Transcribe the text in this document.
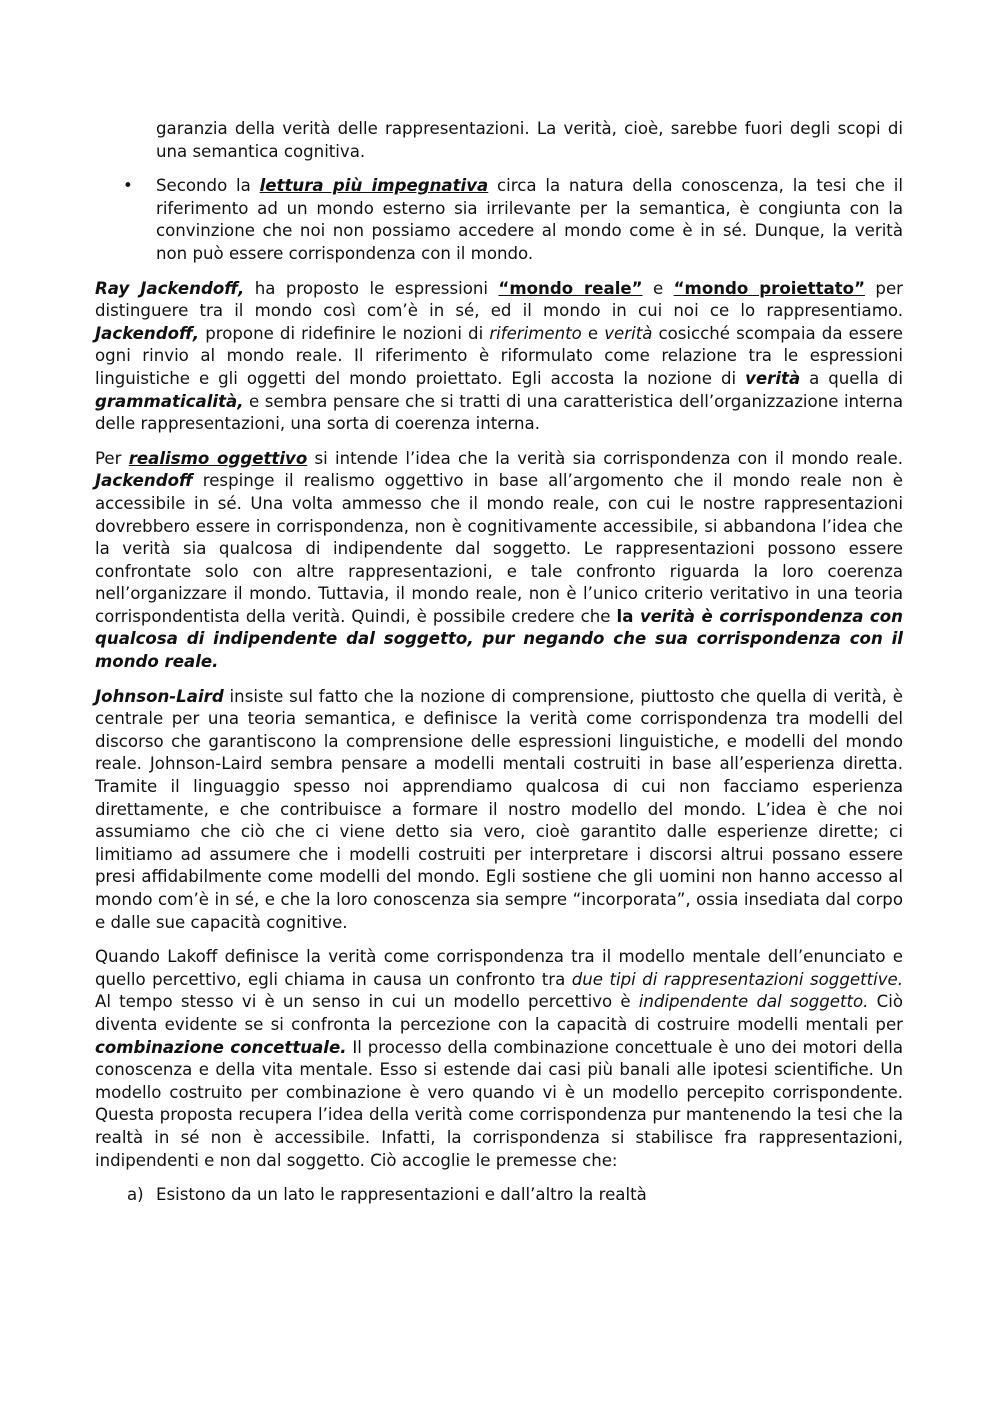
garanzia della verità delle rappresentazioni. La verità, cioè, sarebbe fuori degli scopi di una semantica cognitiva.

• Secondo la lettura più impegnativa circa la natura della conoscenza, la tesi che il riferimento ad un mondo esterno sia irrilevante per la semantica, è congiunta con la convinzione che noi non possiamo accedere al mondo come è in sé. Dunque, la verità non può essere corrispondenza con il mondo.

Ray Jackendoff, ha proposto le espressioni “mondo reale” e “mondo proiettato” per distinguere tra il mondo così com’è in sé, ed il mondo in cui noi ce lo rappresentiamo. Jackendoff, propone di ridefinire le nozioni di riferimento e verità cosicché scompaia da essere ogni rinvio al mondo reale. Il riferimento è riformulato come relazione tra le espressioni linguistiche e gli oggetti del mondo proiettato. Egli accosta la nozione di verità a quella di grammaticalità, e sembra pensare che si tratti di una caratteristica dell’organizzazione interna delle rappresentazioni, una sorta di coerenza interna.

Per realismo oggettivo si intende l’idea che la verità sia corrispondenza con il mondo reale. Jackendoff respinge il realismo oggettivo in base all’argomento che il mondo reale non è accessibile in sé. Una volta ammesso che il mondo reale, con cui le nostre rappresentazioni dovrebbero essere in corrispondenza, non è cognitivamente accessibile, si abbandona l’idea che la verità sia qualcosa di indipendente dal soggetto. Le rappresentazioni possono essere confrontate solo con altre rappresentazioni, e tale confronto riguarda la loro coerenza nell’organizzare il mondo. Tuttavia, il mondo reale, non è l’unico criterio veritativo in una teoria corrispondentista della verità. Quindi, è possibile credere che la verità è corrispondenza con qualcosa di indipendente dal soggetto, pur negando che sua corrispondenza con il mondo reale.

Johnson-Laird insiste sul fatto che la nozione di comprensione, piuttosto che quella di verità, è centrale per una teoria semantica, e definisce la verità come corrispondenza tra modelli del discorso che garantiscono la comprensione delle espressioni linguistiche, e modelli del mondo reale. Johnson-Laird sembra pensare a modelli mentali costruiti in base all’esperienza diretta. Tramite il linguaggio spesso noi apprendiamo qualcosa di cui non facciamo esperienza direttamente, e che contribuisce a formare il nostro modello del mondo. L’idea è che noi assumiamo che ciò che ci viene detto sia vero, cioè garantito dalle esperienze dirette; ci limitiamo ad assumere che i modelli costruiti per interpretare i discorsi altrui possano essere presi affidabilmente come modelli del mondo. Egli sostiene che gli uomini non hanno accesso al mondo com’è in sé, e che la loro conoscenza sia sempre “incorporata”, ossia insediata dal corpo e dalle sue capacità cognitive.

Quando Lakoff definisce la verità come corrispondenza tra il modello mentale dell’enunciato e quello percettivo, egli chiama in causa un confronto tra due tipi di rappresentazioni soggettive. Al tempo stesso vi è un senso in cui un modello percettivo è indipendente dal soggetto. Ciò diventa evidente se si confronta la percezione con la capacità di costruire modelli mentali per combinazione concettuale. Il processo della combinazione concettuale è uno dei motori della conoscenza e della vita mentale. Esso si estende dai casi più banali alle ipotesi scientifiche. Un modello costruito per combinazione è vero quando vi è un modello percepito corrispondente. Questa proposta recupera l’idea della verità come corrispondenza pur mantenendo la tesi che la realtà in sé non è accessibile. Infatti, la corrispondenza si stabilisce fra rappresentazioni, indipendenti e non dal soggetto. Ciò accoglie le premesse che:

a) Esistono da un lato le rappresentazioni e dall’altro la realtà
